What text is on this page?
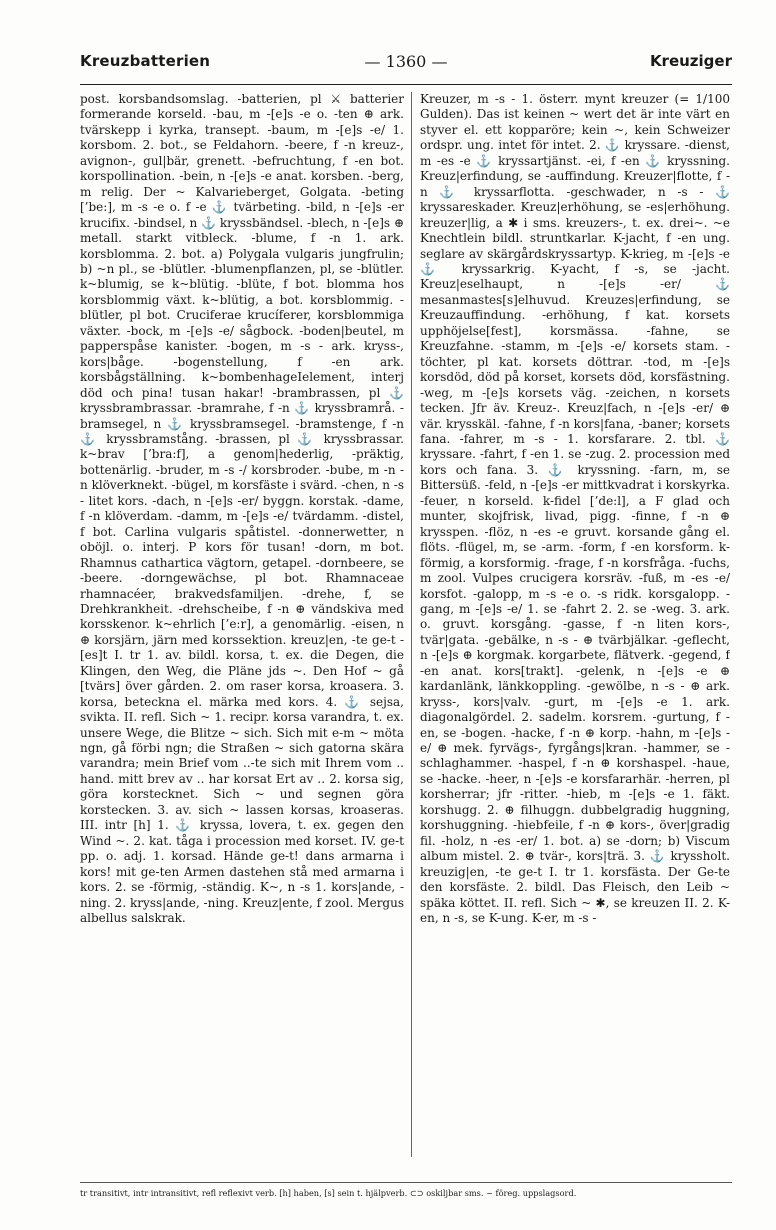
Kreuzbatterien	— 1360 —	Kreuziger

post. korsbandsomslag. -batterien, pl ⚔ batterier formerande korseld. -bau, m -[e]s -e o. -ten ⊕ ark. tvärskepp i kyrka, transept. -baum, m -[e]s -e/ 1. korsbom. 2. bot., se Feldahorn. -beere, f -n kreuz-, avignon-, gul|bär, grenett. -befruchtung, f -en bot. korspollination. -bein, n -[e]s -e anat. korsben. -berg, m relig. Der ~ Kalvarieberget, Golgata. -beting [’be:], m -s -e o. f -e ⚓ tvärbeting. -bild, n -[e]s -er krucifix. -bindsel, n ⚓ kryssbändsel. -blech, n -[e]s ⊕ metall. starkt vitbleck. -blume, f -n 1. ark. korsblomma. 2. bot. a) Polygala vulgaris jungfrulin; b) ~n pl., se -blütler. -blumenpflanzen, pl, se -blütler. k~blumig, se k~blütig. -blüte, f bot. blomma hos korsblommig växt. k~blütig, a bot. korsblommig. -blütler, pl bot. Cruciferae krucíferer, korsblommiga växter. -bock, m -[e]s -e/ sågbock. -boden|beutel, m papperspåse kanister. -bogen, m -s - ark. kryss-, kors|båge. -bogenstellung, f -en ark. korsbågställning. k~bombenhageIelement, interj död och pina! tusan hakar! -brambrassen, pl ⚓ kryssbrambrassar. -bramrahe, f -n ⚓ kryssbramrå. -bramsegel, n ⚓ kryssbramsegel. -bramstenge, f -n ⚓ kryssbramstång. -brassen, pl ⚓ kryssbrassar. k~brav [’bra:f], a genom|hederlig, -präktig, bottenärlig. -bruder, m -s -/ korsbroder. -bube, m -n -n klöverknekt. -bügel, m korsfäste i svärd. -chen, n -s - litet kors. -dach, n -[e]s -er/ byggn. korstak. -dame, f -n klöverdam. -damm, m -[e]s -e/ tvärdamm. -distel, f bot. Carlina vulgaris spåtistel. -donnerwetter, n oböjl. o. interj. P kors för tusan! -dorn, m bot. Rhamnus cathartica vägtorn, getapel. -dornbeere, se -beere. -dorngewächse, pl bot. Rhamnaceae rhamnacéer, brakvedsfamiljen. -drehe, f, se Drehkrankheit. -drehscheibe, f -n ⊕ vändskiva med korsskenor. k~ehrlich [’e:r], a genomärlig. -eisen, n ⊕ korsjärn, järn med korssektion. kreuz|en, -te ge-t -[es]t I. tr 1. av. bildl. korsa, t. ex. die Degen, die Klingen, den Weg, die Pläne jds ~. Den Hof ~ gå [tvärs] över gården. 2. om raser korsa, kroasera. 3. korsa, beteckna el. märka med kors. 4. ⚓ sejsa, svikta. II. refl. Sich ~ 1. recipr. korsa varandra, t. ex. unsere Wege, die Blitze ~ sich. Sich mit e-m ~ möta ngn, gå förbi ngn; die Straßen ~ sich gatorna skära varandra; mein Brief vom ..-te sich mit Ihrem vom .. hand. mitt brev av .. har korsat Ert av .. 2. korsa sig, göra korstecknet. Sich ~ und segnen göra korstecken. 3. av. sich ~ lassen korsas, kroaseras. III. intr [h] 1. ⚓ kryssa, lovera, t. ex. gegen den Wind ~. 2. kat. tåga i procession med korset. IV. ge-t pp. o. adj. 1. korsad. Hände ge-t! dans armarna i kors! mit ge-ten Armen dastehen stå med armarna i kors. 2. se -förmig, -ständig. K~, n -s 1. kors|ande, -ning. 2. kryss|ande, -ning. Kreuz|ente, f zool. Mergus albellus salskrak.

Kreuzer, m -s - 1. österr. mynt kreuzer (= 1/100 Gulden). Das ist keinen ~ wert det är inte värt en styver el. ett kopparöre; kein ~, kein Schweizer ordspr. ung. intet för intet. 2. ⚓ kryssare. -dienst, m -es -e ⚓ kryssartjänst. -ei, f -en ⚓ kryssning. Kreuz|erfindung, se -auffindung. Kreuzer|flotte, f -n ⚓ kryssarflotta. -geschwader, n -s - ⚓ kryssareskader. Kreuz|erhöhung, se -es|erhöhung. kreuzer|lig, a ✱ i sms. kreuzers-, t. ex. drei~. ~e Knechtlein bildl. struntkarlar. K-jacht, f -en ung. seglare av skärgårdskryssartyp. K-krieg, m -[e]s -e ⚓ kryssarkrig. K-yacht, f -s, se -jacht. Kreuz|eselhaupt, n -[e]s -er/ ⚓ mesanmastes[s]elhuvud. Kreuzes|erfindung, se Kreuzauffindung. -erhöhung, f kat. korsets upphöjelse[fest], korsmässa. -fahne, se Kreuzfahne. -stamm, m -[e]s -e/ korsets stam. -töchter, pl kat. korsets döttrar. -tod, m -[e]s korsdöd, död på korset, korsets död, korsfästning. -weg, m -[e]s korsets väg. -zeichen, n korsets tecken. Jfr äv. Kreuz-. Kreuz|fach, n -[e]s -er/ ⊕ vär. krysskäl. -fahne, f -n kors|fana, -baner; korsets fana. -fahrer, m -s - 1. korsfarare. 2. tbl. ⚓ kryssare. -fahrt, f -en 1. se -zug. 2. procession med kors och fana. 3. ⚓ kryssning. -farn, m, se Bittersüß. -feld, n -[e]s -er mittkvadrat i korskyrka. -feuer, n korseld. k-fidel [’de:l], a F glad och munter, skojfrisk, livad, pigg. -finne, f -n ⊕ krysspen. -flöz, n -es -e gruvt. korsande gång el. flöts. -flügel, m, se -arm. -form, f -en korsform. k-förmig, a korsformig. -frage, f -n korsfråga. -fuchs, m zool. Vulpes crucigera korsräv. -fuß, m -es -e/ korsfot. -galopp, m -s -e o. -s ridk. korsgalopp. -gang, m -[e]s -e/ 1. se -fahrt 2. 2. se -weg. 3. ark. o. gruvt. korsgång. -gasse, f -n liten kors-, tvär|gata. -gebälke, n -s - ⊕ tvärbjälkar. -geflecht, n -[e]s ⊕ korgmak. korgarbete, flätverk. -gegend, f -en anat. kors[trakt]. -gelenk, n -[e]s -e ⊕ kardanlänk, länkkoppling. -gewölbe, n -s - ⊕ ark. kryss-, kors|valv. -gurt, m -[e]s -e 1. ark. diagonalgördel. 2. sadelm. korsrem. -gurtung, f -en, se -bogen. -hacke, f -n ⊕ korp. -hahn, m -[e]s -e/ ⊕ mek. fyrvägs-, fyrgångs|kran. -hammer, se -schlaghammer. -haspel, f -n ⊕ korshaspel. -haue, se -hacke. -heer, n -[e]s -e korsfararhär. -herren, pl korsherrar; jfr -ritter. -hieb, m -[e]s -e 1. fäkt. korshugg. 2. ⊕ filhuggn. dubbelgradig huggning, korshuggning. -hiebfeile, f -n ⊕ kors-, över|gradig fil. -holz, n -es -er/ 1. bot. a) se -dorn; b) Viscum album mistel. 2. ⊕ tvär-, kors|trä. 3. ⚓ kryssholt. kreuzig|en, -te ge-t I. tr 1. korsfästa. Der Ge-te den korsfäste. 2. bildl. Das Fleisch, den Leib ~ späka köttet. II. refl. Sich ~ ✱, se kreuzen II. 2. K-en, n -s, se K-ung. K-er, m -s -

tr transitivt, intr intransitivt, refl reflexivt verb. [h] haben, [s] sein t. hjälpverb. ⊂⊃ oskiljbar sms. ~ föreg. uppslagsord.
